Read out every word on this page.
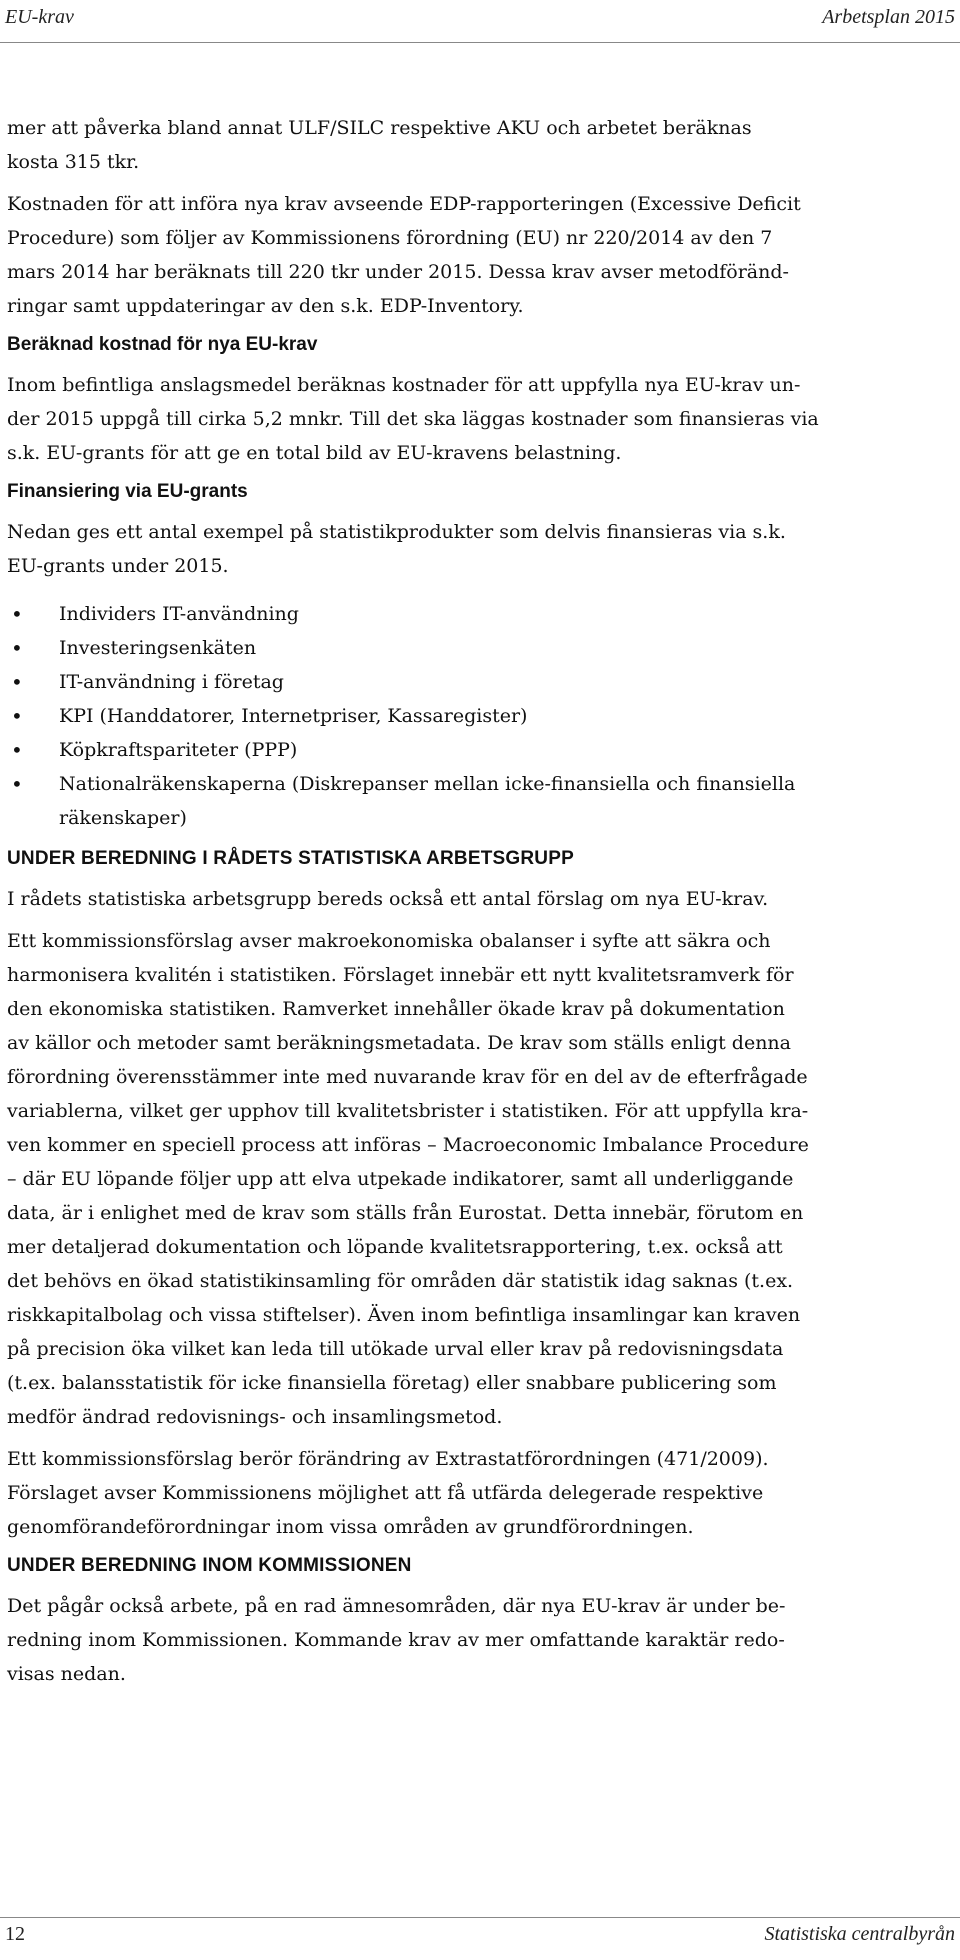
EU-krav	Arbetsplan 2015

mer att påverka bland annat ULF/SILC respektive AKU och arbetet beräknas
kosta 315 tkr.

Kostnaden för att införa nya krav avseende EDP-rapporteringen (Excessive Deficit
Procedure) som följer av Kommissionens förordning (EU) nr 220/2014 av den 7
mars 2014 har beräknats till 220 tkr under 2015. Dessa krav avser metodföränd-
ringar samt uppdateringar av den s.k. EDP-Inventory.

Beräknad kostnad för nya EU-krav

Inom befintliga anslagsmedel beräknas kostnader för att uppfylla nya EU-krav un-
der 2015 uppgå till cirka 5,2 mnkr. Till det ska läggas kostnader som finansieras via
s.k. EU-grants för att ge en total bild av EU-kravens belastning.

Finansiering via EU-grants

Nedan ges ett antal exempel på statistikprodukter som delvis finansieras via s.k.
EU-grants under 2015.

• Individers IT-användning
• Investeringsenkäten
• IT-användning i företag
• KPI (Handdatorer, Internetpriser, Kassaregister)
• Köpkraftspariteter (PPP)
• Nationalräkenskaperna (Diskrepanser mellan icke-finansiella och finansiella
räkenskaper)
UNDER BEREDNING I RÅDETS STATISTISKA ARBETSGRUPP

I rådets statistiska arbetsgrupp bereds också ett antal förslag om nya EU-krav.

Ett kommissionsförslag avser makroekonomiska obalanser i syfte att säkra och
harmonisera kvalitén i statistiken. Förslaget innebär ett nytt kvalitetsramverk för
den ekonomiska statistiken. Ramverket innehåller ökade krav på dokumentation
av källor och metoder samt beräkningsmetadata. De krav som ställs enligt denna
förordning överensstämmer inte med nuvarande krav för en del av de efterfrågade
variablerna, vilket ger upphov till kvalitetsbrister i statistiken. För att uppfylla kra-
ven kommer en speciell process att införas – Macroeconomic Imbalance Procedure
– där EU löpande följer upp att elva utpekade indikatorer, samt all underliggande
data, är i enlighet med de krav som ställs från Eurostat. Detta innebär, förutom en
mer detaljerad dokumentation och löpande kvalitetsrapportering, t.ex. också att
det behövs en ökad statistikinsamling för områden där statistik idag saknas (t.ex.
riskkapitalbolag och vissa stiftelser). Även inom befintliga insamlingar kan kraven
på precision öka vilket kan leda till utökade urval eller krav på redovisningsdata
(t.ex. balansstatistik för icke finansiella företag) eller snabbare publicering som
medför ändrad redovisnings- och insamlingsmetod.

Ett kommissionsförslag berör förändring av Extrastatförordningen (471/2009).
Förslaget avser Kommissionens möjlighet att få utfärda delegerade respektive
genomförandeförordningar inom vissa områden av grundförordningen.

UNDER BEREDNING INOM KOMMISSIONEN

Det pågår också arbete, på en rad ämnesområden, där nya EU-krav är under be-
redning inom Kommissionen. Kommande krav av mer omfattande karaktär redo-
visas nedan.

12	Statistiska centralbyrån
